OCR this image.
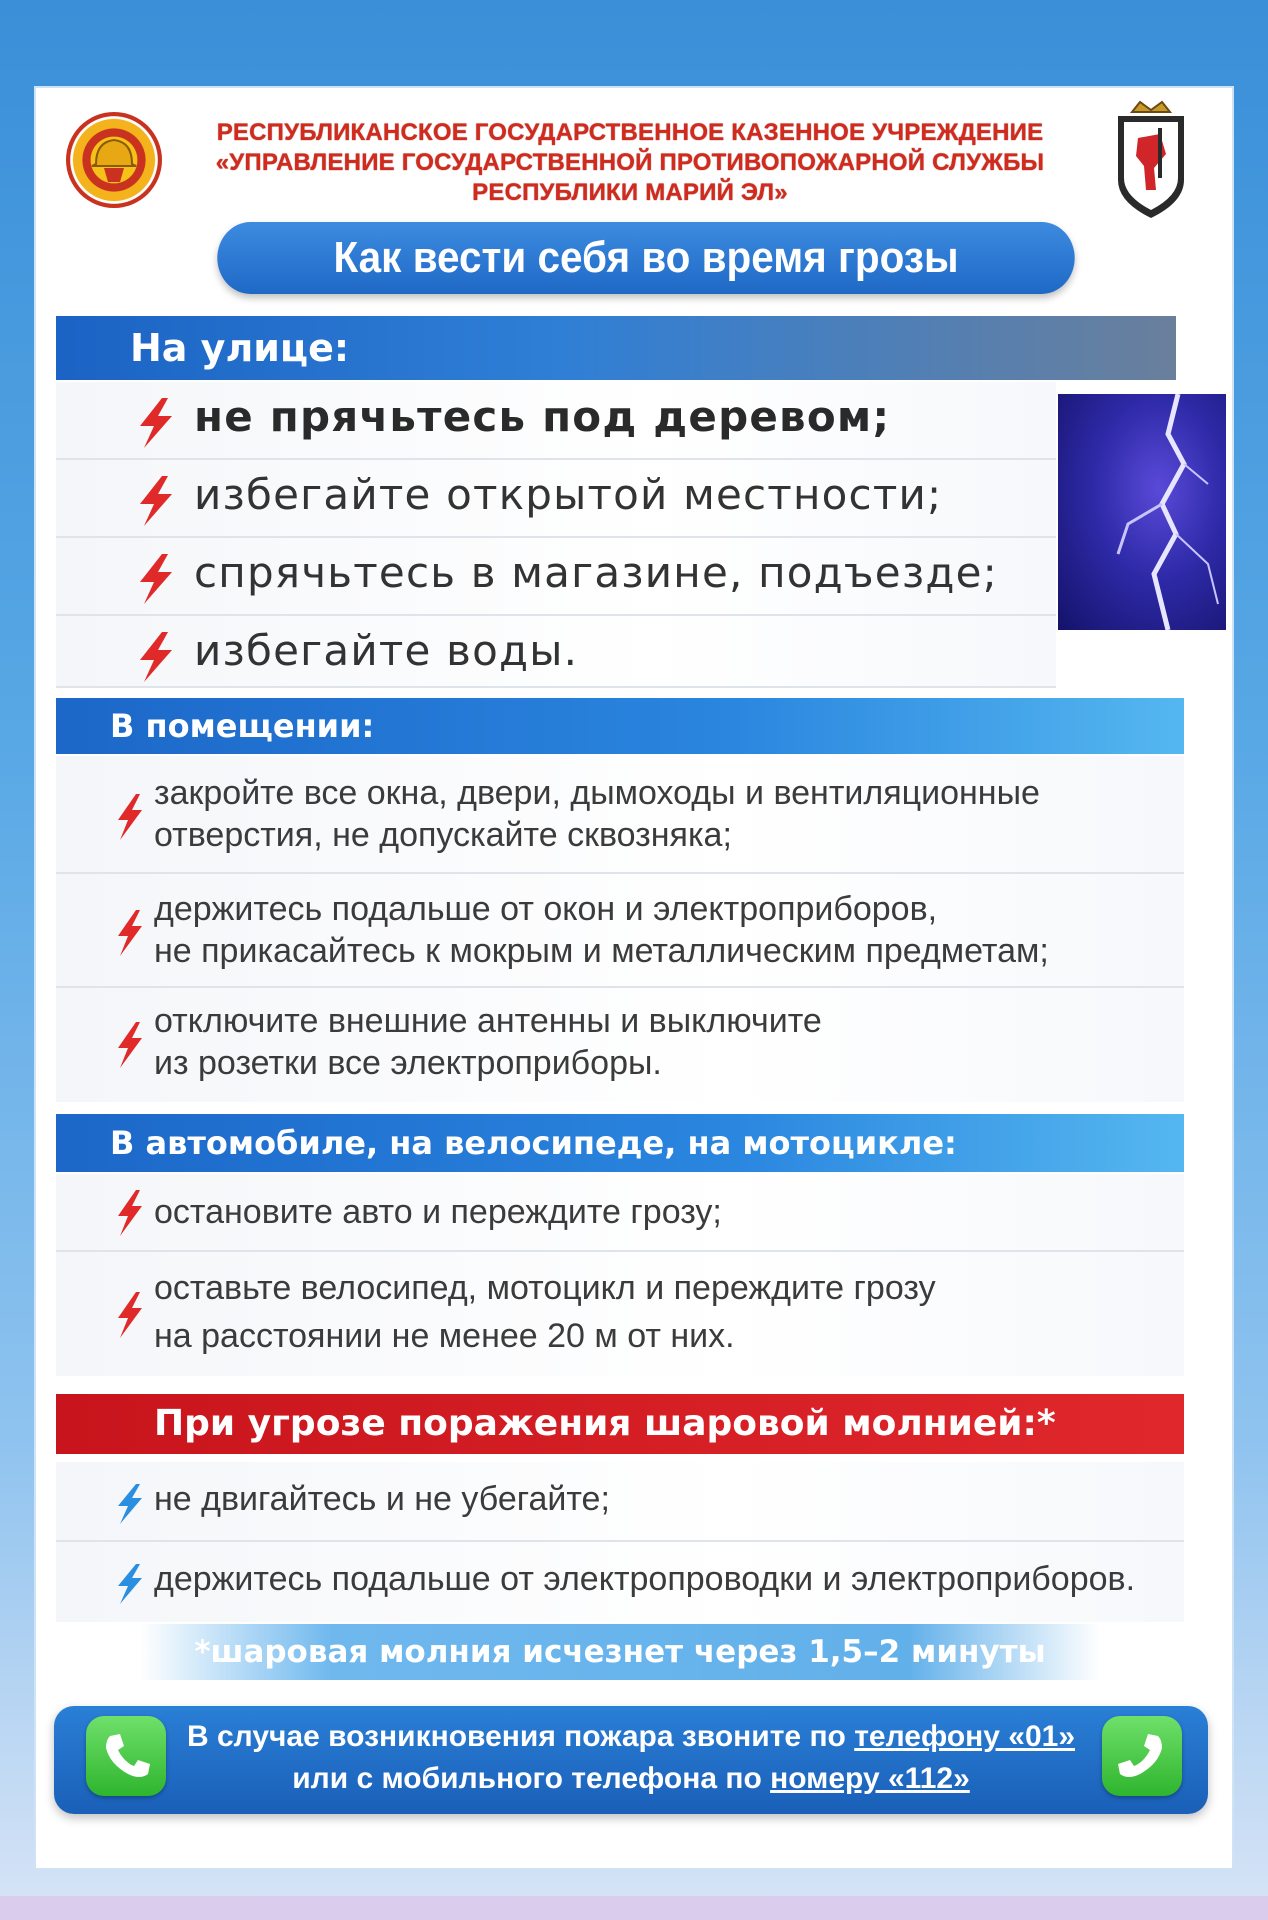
РЕСПУБЛИКАНСКОЕ ГОСУДАРСТВЕННОЕ КАЗЕННОЕ УЧРЕЖДЕНИЕ
«УПРАВЛЕНИЕ ГОСУДАРСТВЕННОЙ ПРОТИВОПОЖАРНОЙ СЛУЖБЫ
РЕСПУБЛИКИ МАРИЙ ЭЛ»
Как вести себя во время грозы
На улице:
не прячьтесь под деревом;
избегайте открытой местности;
спрячьтесь в магазине, подъезде;
избегайте воды.
В помещении:
закройте все окна, двери, дымоходы и вентиляционные
отверстия, не допускайте сквозняка;
держитесь подальше от окон и электроприборов,
не прикасайтесь к мокрым и металлическим предметам;
отключите внешние антенны и выключите
из розетки все электроприборы.
В автомобиле, на велосипеде, на мотоцикле:
остановите авто и переждите грозу;
оставьте велосипед, мотоцикл и переждите грозу
на расстоянии не менее 20 м от них.
При угрозе поражения шаровой молнией:*
не двигайтесь и не убегайте;
держитесь подальше от электропроводки и электроприборов.
*шаровая молния исчезнет через 1,5–2 минуты
В случае возникновения пожара звоните по телефону «01»
или с мобильного телефона по номеру «112»
